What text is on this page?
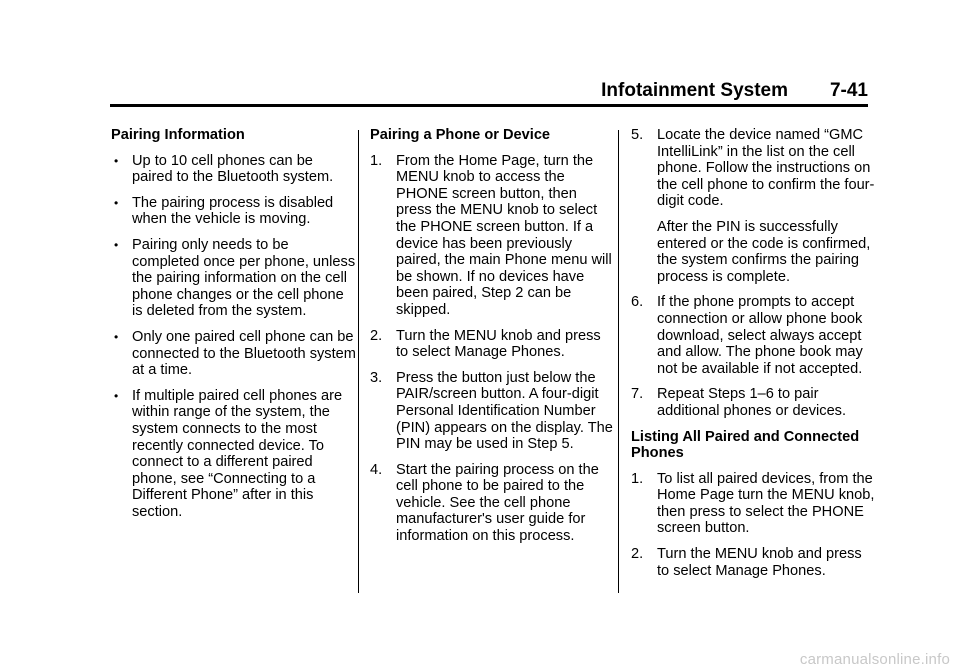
Infotainment System 7-41
Pairing Information
• Up to 10 cell phones can be paired to the Bluetooth system.
• The pairing process is disabled when the vehicle is moving.
• Pairing only needs to be completed once per phone, unless the pairing information on the cell phone changes or the cell phone is deleted from the system.
• Only one paired cell phone can be connected to the Bluetooth system at a time.
• If multiple paired cell phones are within range of the system, the system connects to the most recently connected device. To connect to a different paired phone, see “Connecting to a Different Phone” after in this section.
Pairing a Phone or Device
1. From the Home Page, turn the MENU knob to access the PHONE screen button, then press the MENU knob to select the PHONE screen button. If a device has been previously paired, the main Phone menu will be shown. If no devices have been paired, Step 2 can be skipped.
2. Turn the MENU knob and press to select Manage Phones.
3. Press the button just below the PAIR/screen button. A four-digit Personal Identification Number (PIN) appears on the display. The PIN may be used in Step 5.
4. Start the pairing process on the cell phone to be paired to the vehicle. See the cell phone manufacturer's user guide for information on this process.
5. Locate the device named “GMC IntelliLink” in the list on the cell phone. Follow the instructions on the cell phone to confirm the four-digit code.
After the PIN is successfully entered or the code is confirmed, the system confirms the pairing process is complete.
6. If the phone prompts to accept connection or allow phone book download, select always accept and allow. The phone book may not be available if not accepted.
7. Repeat Steps 1–6 to pair additional phones or devices.
Listing All Paired and Connected Phones
1. To list all paired devices, from the Home Page turn the MENU knob, then press to select the PHONE screen button.
2. Turn the MENU knob and press to select Manage Phones.
carmanualsonline.info
